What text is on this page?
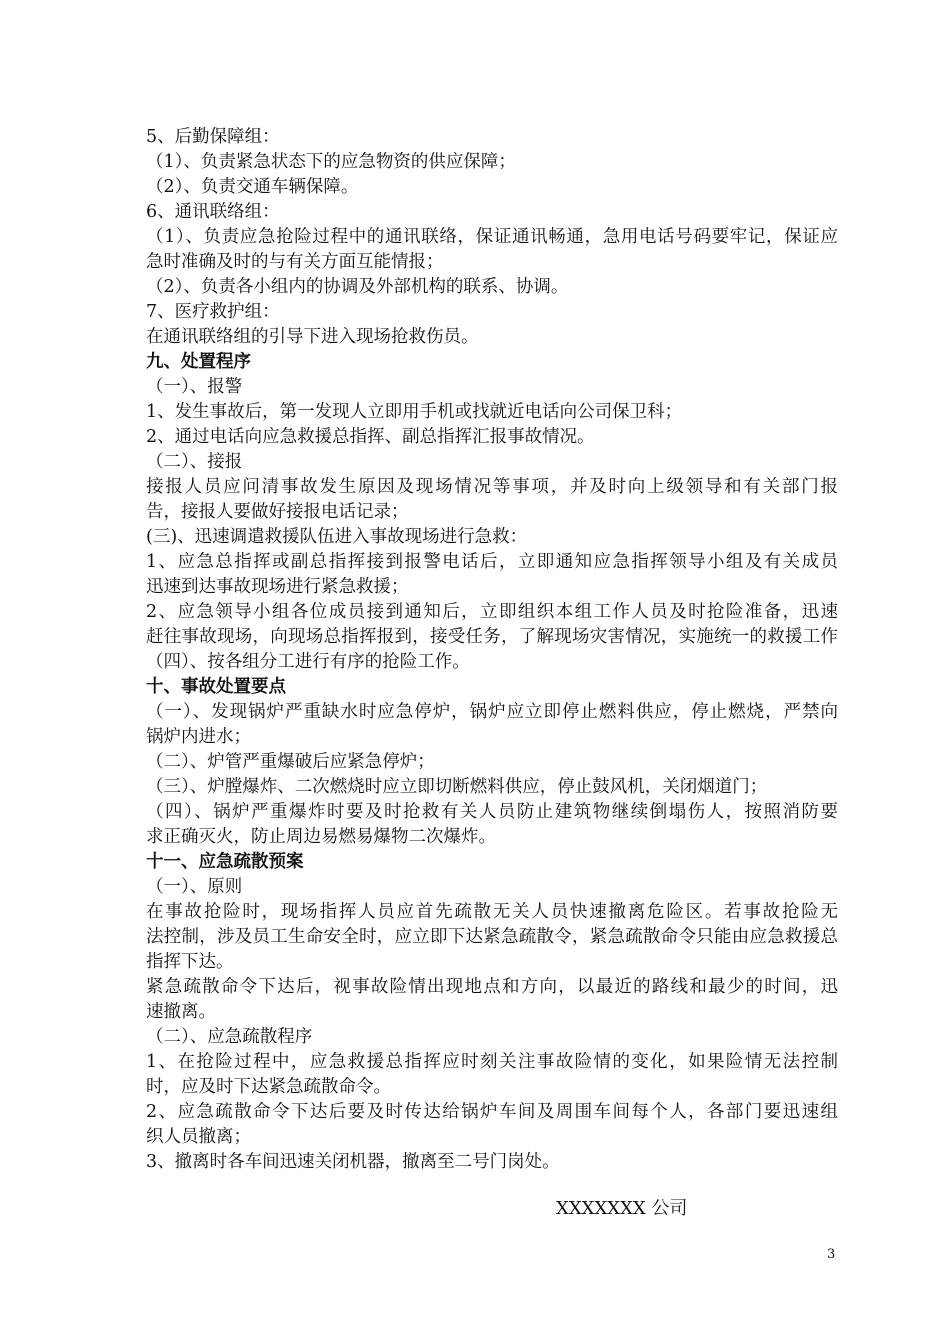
5、后勤保障组：
（1）、负责紧急状态下的应急物资的供应保障；
（2）、负责交通车辆保障。
6、通讯联络组：
（1）、负责应急抢险过程中的通讯联络，保证通讯畅通，急用电话号码要牢记，保证应
急时准确及时的与有关方面互能情报；
（2）、负责各小组内的协调及外部机构的联系、协调。
7、医疗救护组：
在通讯联络组的引导下进入现场抢救伤员。
九、处置程序
（一）、报警
1、发生事故后，第一发现人立即用手机或找就近电话向公司保卫科；
2、通过电话向应急救援总指挥、副总指挥汇报事故情况。
（二）、接报
接报人员应问清事故发生原因及现场情况等事项，并及时向上级领导和有关部门报
告，接报人要做好接报电话记录；
(三)、迅速调遣救援队伍进入事故现场进行急救：
1、应急总指挥或副总指挥接到报警电话后，立即通知应急指挥领导小组及有关成员
迅速到达事故现场进行紧急救援；
2、应急领导小组各位成员接到通知后，立即组织本组工作人员及时抢险准备，迅速
赶往事故现场，向现场总指挥报到，接受任务，了解现场灾害情况，实施统一的救援工作
（四）、按各组分工进行有序的抢险工作。
十、事故处置要点
（一）、发现锅炉严重缺水时应急停炉，锅炉应立即停止燃料供应，停止燃烧，严禁向
锅炉内进水；
（二）、炉管严重爆破后应紧急停炉；
（三）、炉膛爆炸、二次燃烧时应立即切断燃料供应，停止鼓风机，关闭烟道门；
（四）、锅炉严重爆炸时要及时抢救有关人员防止建筑物继续倒塌伤人，按照消防要
求正确灭火，防止周边易燃易爆物二次爆炸。
十一、应急疏散预案
（一）、原则
在事故抢险时，现场指挥人员应首先疏散无关人员快速撤离危险区。若事故抢险无
法控制，涉及员工生命安全时，应立即下达紧急疏散令，紧急疏散命令只能由应急救援总
指挥下达。
紧急疏散命令下达后，视事故险情出现地点和方向，以最近的路线和最少的时间，迅
速撤离。
（二）、应急疏散程序
1、在抢险过程中，应急救援总指挥应时刻关注事故险情的变化，如果险情无法控制
时，应及时下达紧急疏散命令。
2、应急疏散命令下达后要及时传达给锅炉车间及周围车间每个人，各部门要迅速组
织人员撤离；
3、撤离时各车间迅速关闭机器，撤离至二号门岗处。
XXXXXXX 公司
3
